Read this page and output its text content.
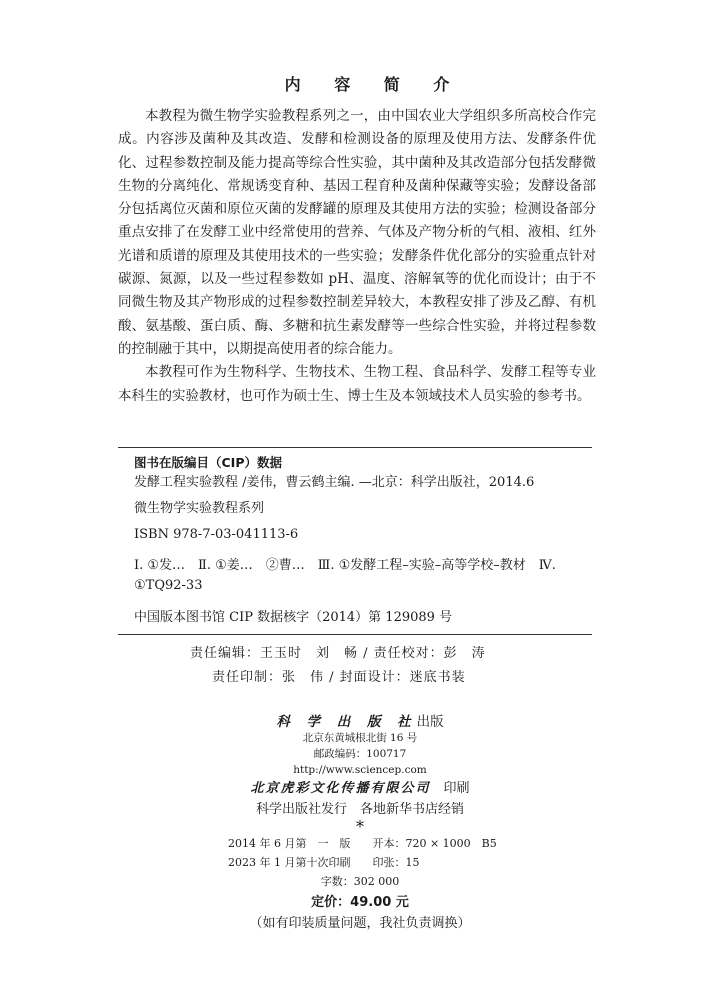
内 容 简 介

本教程为微生物学实验教程系列之一，由中国农业大学组织多所高校合作完成。内容涉及菌种及其改造、发酵和检测设备的原理及使用方法、发酵条件优化、过程参数控制及能力提高等综合性实验，其中菌种及其改造部分包括发酵微生物的分离纯化、常规诱变育种、基因工程育种及菌种保藏等实验；发酵设备部分包括离位灭菌和原位灭菌的发酵罐的原理及其使用方法的实验；检测设备部分重点安排了在发酵工业中经常使用的营养、气体及产物分析的气相、液相、红外光谱和质谱的原理及其使用技术的一些实验；发酵条件优化部分的实验重点针对碳源、氮源，以及一些过程参数如 pH、温度、溶解氧等的优化而设计；由于不同微生物及其产物形成的过程参数控制差异较大，本教程安排了涉及乙醇、有机酸、氨基酸、蛋白质、酶、多糖和抗生素发酵等一些综合性实验，并将过程参数的控制融于其中，以期提高使用者的综合能力。

本教程可作为生物科学、生物技术、生物工程、食品科学、发酵工程等专业本科生的实验教材，也可作为硕士生、博士生及本领域技术人员实验的参考书。

图书在版编目（CIP）数据
发酵工程实验教程 /姜伟，曹云鹤主编. —北京：科学出版社，2014.6
微生物学实验教程系列
ISBN 978-7-03-041113-6
Ⅰ. ①发…　Ⅱ. ①姜…　②曹…　Ⅲ. ①发酵工程–实验–高等学校–教材　Ⅳ. ①TQ92-33
中国版本图书馆 CIP 数据核字（2014）第 129089 号
责任编辑：王玉时　刘　畅 / 责任校对：彭　涛
责任印制：张　伟 / 封面设计：迷底书装
科 学 出 版 社出版
北京东黄城根北街 16 号
邮政编码：100717
http://www.sciencep.com
北京虎彩文化传播有限公司　 印刷
科学出版社发行　各地新华书店经销
*
2014 年 6 月第　一　版　　开本：720 × 1000　B5
2023 年 1 月第十次印刷　　印张：15
字数：302 000
定价：49.00 元
（如有印装质量问题，我社负责调换）
